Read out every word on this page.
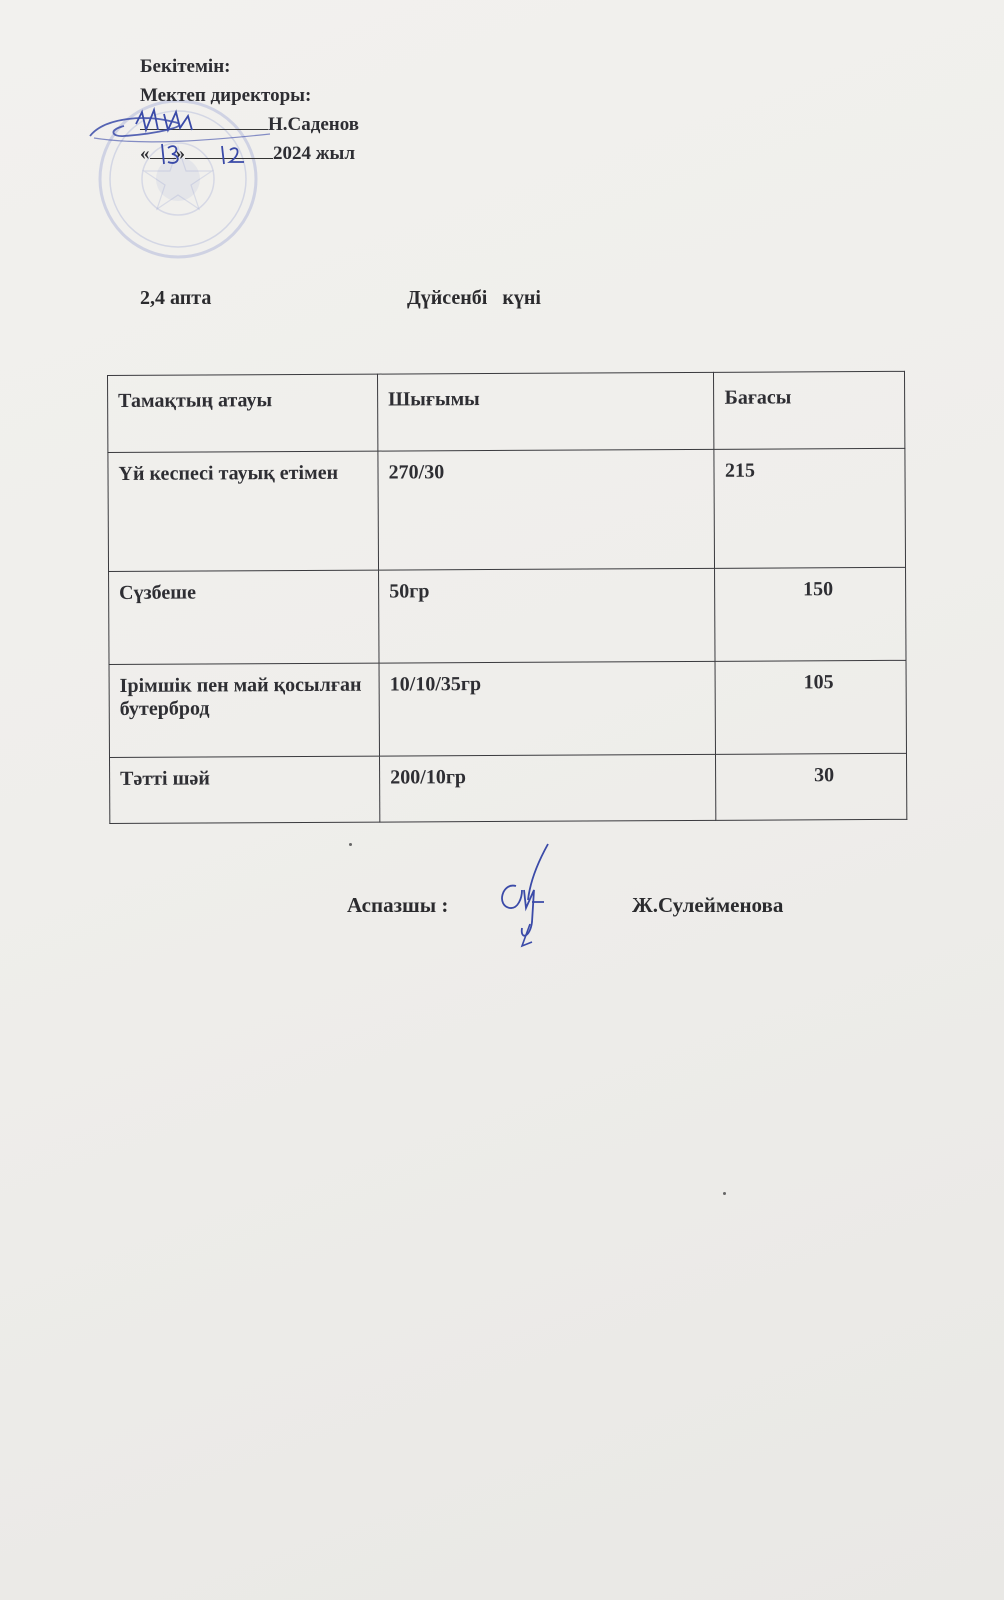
Бекітемін:
Мектеп директоры:
Н.Саденов
« »	2024 жыл
2,4 апта	Дүйсенбі күні
Тамақтың атауы	Шығымы	Бағасы
Үй кеспесі тауық етімен	270/30	215
Сүзбеше	50гр	150
Ірімшік пен май қосылған бутерброд	10/10/35гр	105
Тәтті шәй	200/10гр	30
Аспазшы :	Ж.Сулейменова
